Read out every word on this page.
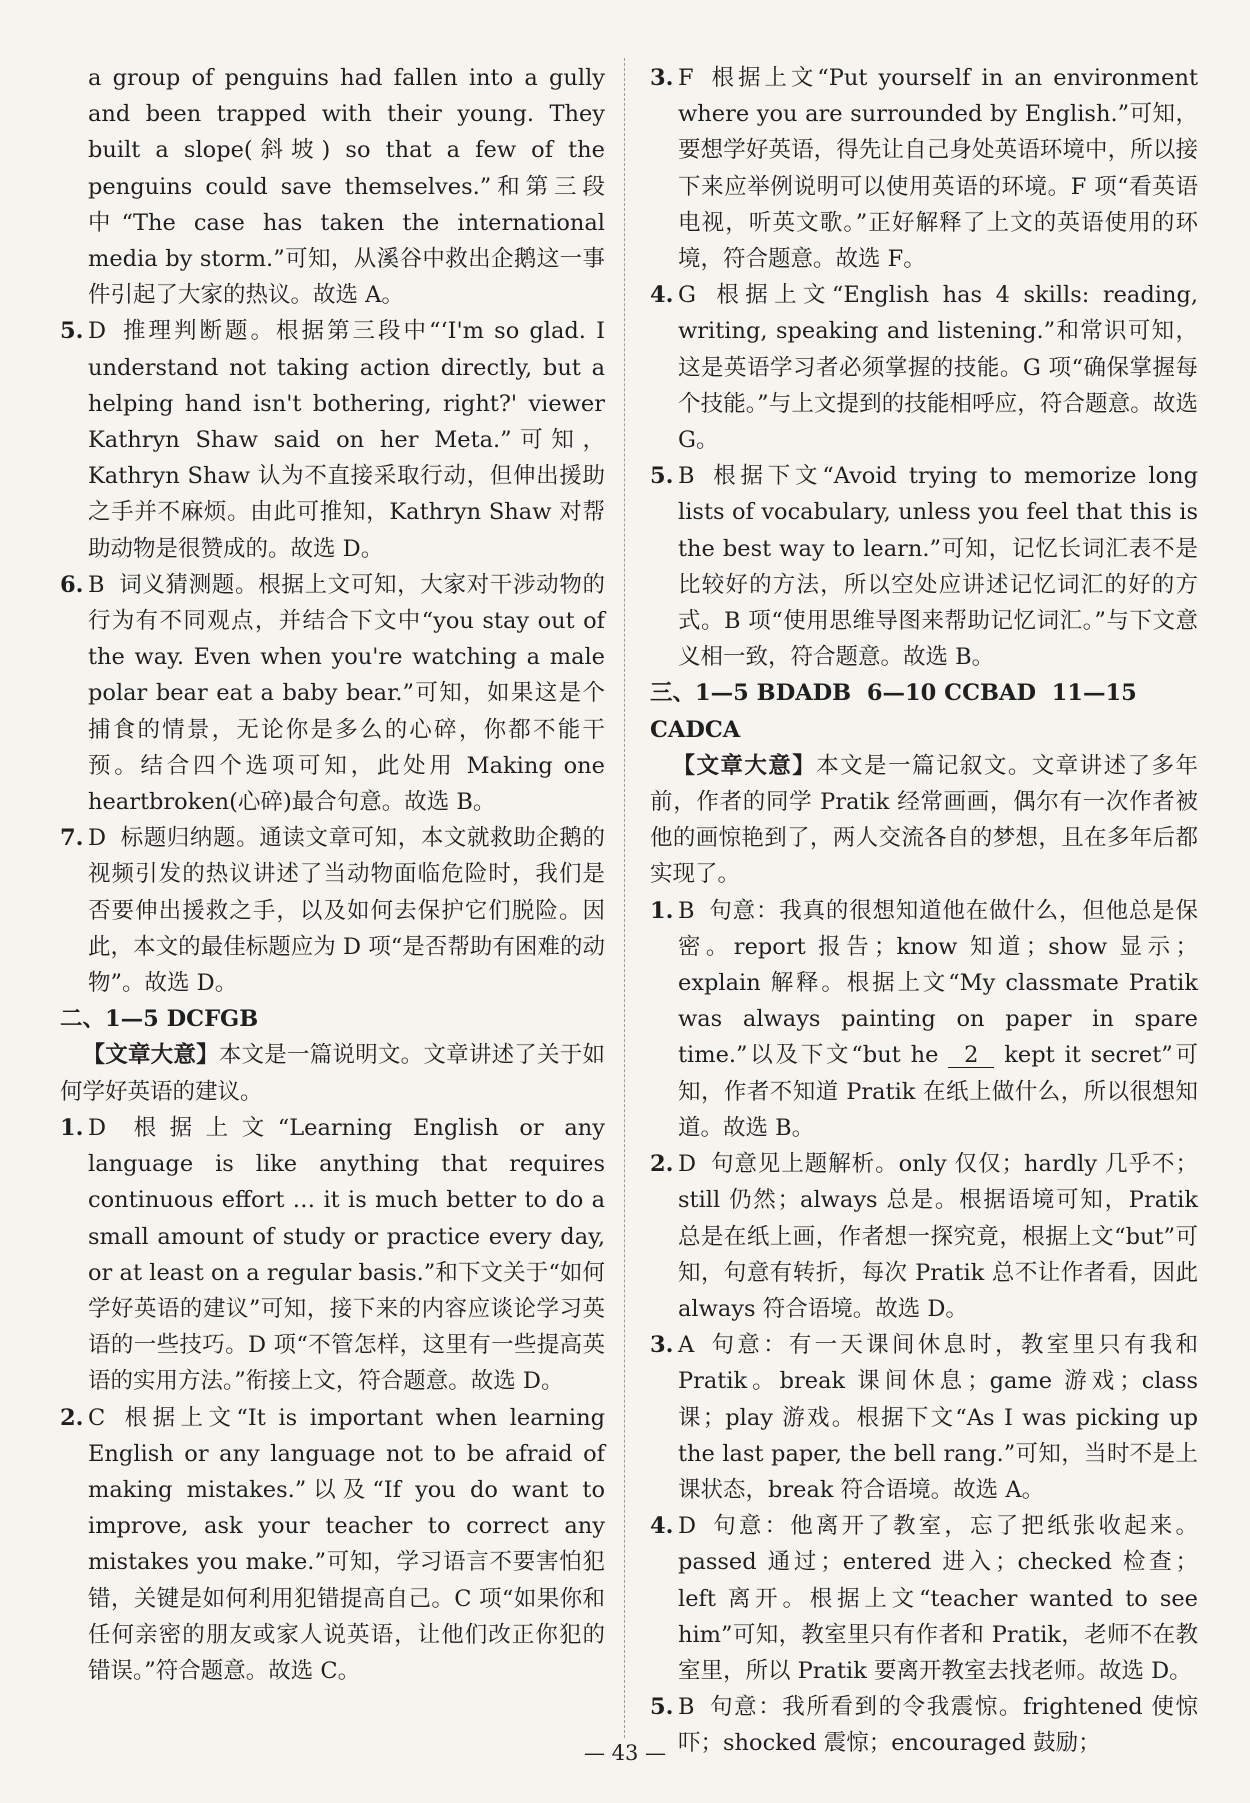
a group of penguins had fallen into a gully and been trapped with their young. They built a slope(斜坡) so that a few of the penguins could save themselves.”和第三段中“The case has taken the international media by storm.”可知，从溪谷中救出企鹅这一事件引起了大家的热议。故选 A。
5. D 推理判断题。根据第三段中“‘I'm so glad. I understand not taking action directly, but a helping hand isn't bothering, right?' viewer Kathryn Shaw said on her Meta.”可知，Kathryn Shaw 认为不直接采取行动，但伸出援助之手并不麻烦。由此可推知，Kathryn Shaw 对帮助动物是很赞成的。故选 D。
6. B 词义猜测题。根据上文可知，大家对干涉动物的行为有不同观点，并结合下文中“you stay out of the way. Even when you're watching a male polar bear eat a baby bear.”可知，如果这是个捕食的情景，无论你是多么的心碎，你都不能干预。结合四个选项可知，此处用 Making one heartbroken(心碎)最合句意。故选 B。
7. D 标题归纳题。通读文章可知，本文就救助企鹅的视频引发的热议讲述了当动物面临危险时，我们是否要伸出援救之手，以及如何去保护它们脱险。因此，本文的最佳标题应为 D 项“是否帮助有困难的动物”。故选 D。
二、1—5 DCFGB
【文章大意】本文是一篇说明文。文章讲述了关于如何学好英语的建议。
1. D 根据上文“Learning English or any language is like anything that requires continuous effort … it is much better to do a small amount of study or practice every day, or at least on a regular basis.”和下文关于“如何学好英语的建议”可知，接下来的内容应谈论学习英语的一些技巧。D 项“不管怎样，这里有一些提高英语的实用方法。”衔接上文，符合题意。故选 D。
2. C 根据上文“It is important when learning English or any language not to be afraid of making mistakes.”以及“If you do want to improve, ask your teacher to correct any mistakes you make.”可知，学习语言不要害怕犯错，关键是如何利用犯错提高自己。C 项“如果你和任何亲密的朋友或家人说英语，让他们改正你犯的错误。”符合题意。故选 C。
3. F 根据上文“Put yourself in an environment where you are surrounded by English.”可知，要想学好英语，得先让自己身处英语环境中，所以接下来应举例说明可以使用英语的环境。F 项“看英语电视，听英文歌。”正好解释了上文的英语使用的环境，符合题意。故选 F。
4. G 根据上文“English has 4 skills: reading, writing, speaking and listening.”和常识可知，这是英语学习者必须掌握的技能。G 项“确保掌握每个技能。”与上文提到的技能相呼应，符合题意。故选 G。
5. B 根据下文“Avoid trying to memorize long lists of vocabulary, unless you feel that this is the best way to learn.”可知，记忆长词汇表不是比较好的方法，所以空处应讲述记忆词汇的好的方式。B 项“使用思维导图来帮助记忆词汇。”与下文意义相一致，符合题意。故选 B。
三、1—5 BDADB 6—10 CCBAD 11—15 CADCA
【文章大意】本文是一篇记叙文。文章讲述了多年前，作者的同学 Pratik 经常画画，偶尔有一次作者被他的画惊艳到了，两人交流各自的梦想，且在多年后都实现了。
1. B 句意：我真的很想知道他在做什么，但他总是保密。report 报告；know 知道；show 显示；explain 解释。根据上文“My classmate Pratik was always painting on paper in spare time.”以及下文“but he 2 kept it secret”可知，作者不知道 Pratik 在纸上做什么，所以很想知道。故选 B。
2. D 句意见上题解析。only 仅仅；hardly 几乎不；still 仍然；always 总是。根据语境可知，Pratik 总是在纸上画，作者想一探究竟，根据上文“but”可知，句意有转折，每次 Pratik 总不让作者看，因此 always 符合语境。故选 D。
3. A 句意：有一天课间休息时，教室里只有我和 Pratik。break 课间休息；game 游戏；class 课；play 游戏。根据下文“As I was picking up the last paper, the bell rang.”可知，当时不是上课状态，break 符合语境。故选 A。
4. D 句意：他离开了教室，忘了把纸张收起来。passed 通过；entered 进入；checked 检查；left 离开。根据上文“teacher wanted to see him”可知，教室里只有作者和 Pratik，老师不在教室里，所以 Pratik 要离开教室去找老师。故选 D。
5. B 句意：我所看到的令我震惊。frightened 使惊吓；shocked 震惊；encouraged 鼓励；
— 43 —
